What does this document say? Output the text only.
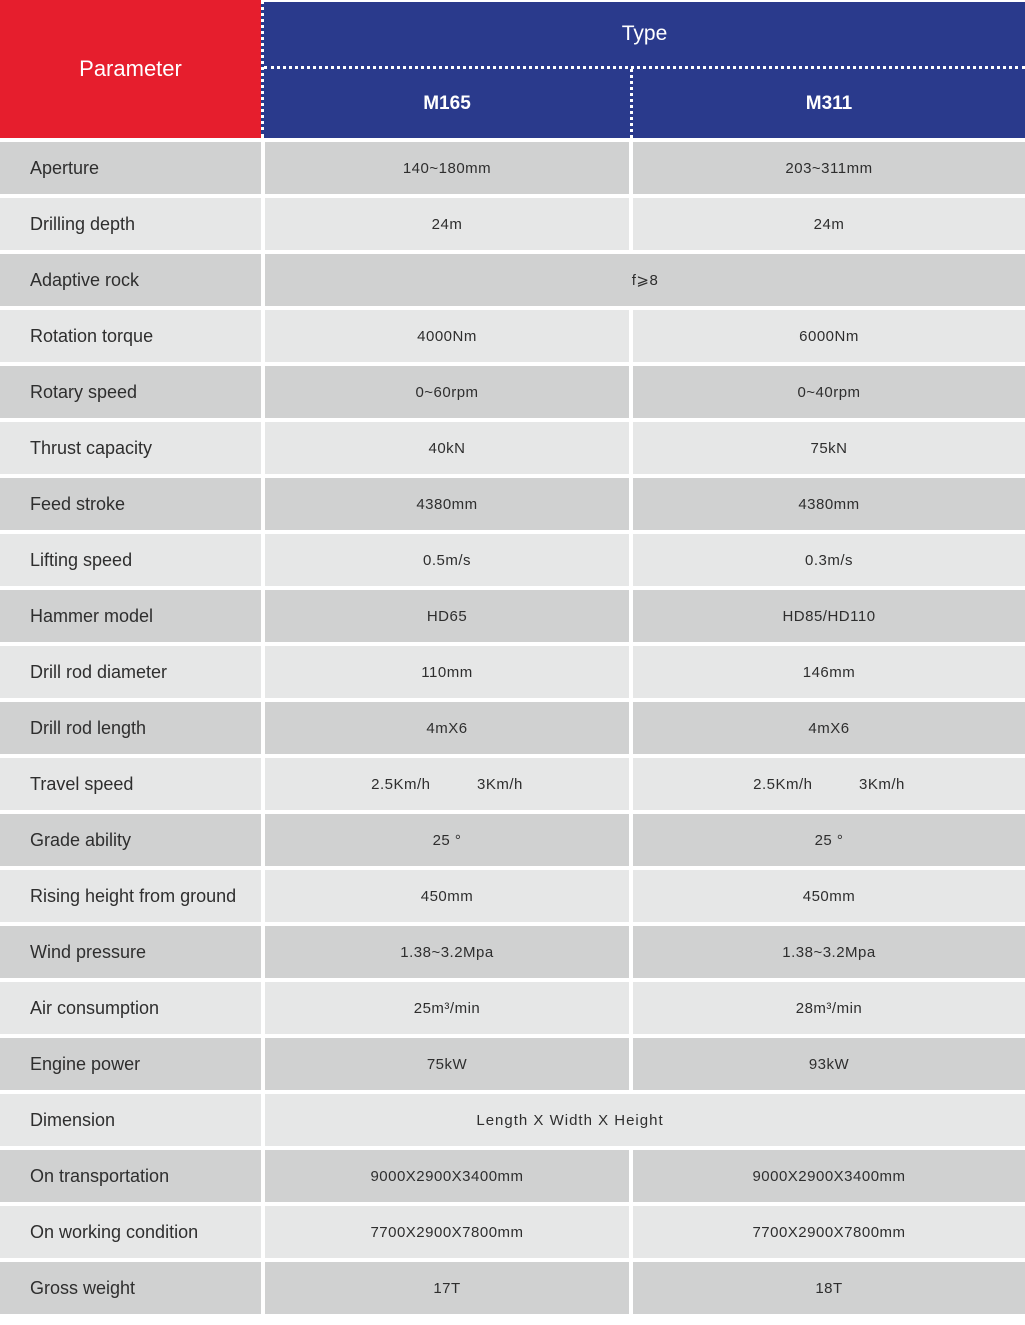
Parameter
Type
M165	M311
Aperture	140~180mm	203~311mm
Drilling depth	24m	24m
Adaptive rock	f⩾8
Rotation torque	4000Nm	6000Nm
Rotary speed	0~60rpm	0~40rpm
Thrust capacity	40kN	75kN
Feed stroke	4380mm	4380mm
Lifting speed	0.5m/s	0.3m/s
Hammer model	HD65	HD85/HD110
Drill rod diameter	110mm	146mm
Drill rod length	4mX6	4mX6
Travel speed	2.5Km/h   3Km/h	2.5Km/h   3Km/h
Grade ability	25 °	25 °
Rising height from ground	450mm	450mm
Wind pressure	1.38~3.2Mpa	1.38~3.2Mpa
Air consumption	25m³/min	28m³/min
Engine power	75kW	93kW
Dimension	Length X Width X Height
On transportation	9000X2900X3400mm	9000X2900X3400mm
On working condition	7700X2900X7800mm	7700X2900X7800mm
Gross weight	17T	18T
